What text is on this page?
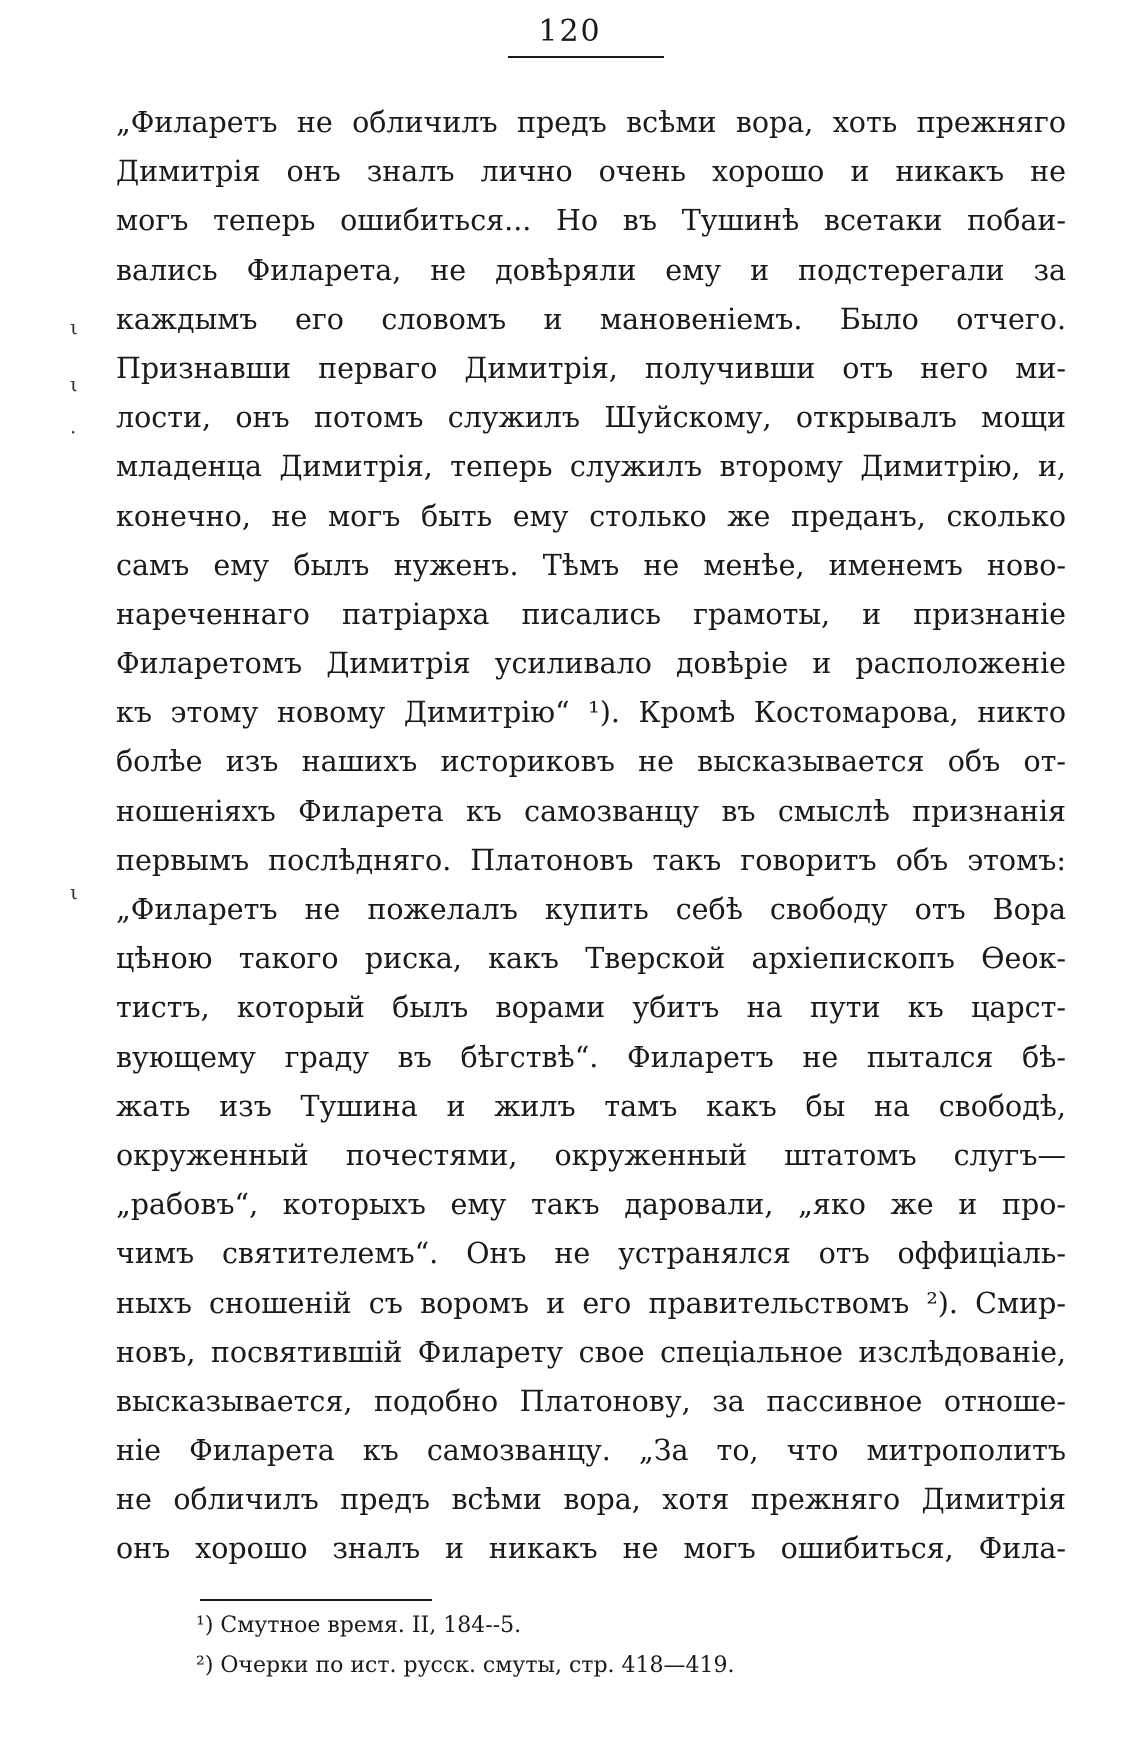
120
ι
ι
·
ι
„Филаретъ не обличилъ предъ всѣми вора, хоть прежняго
Димитрія онъ зналъ лично очень хорошо и никакъ не
могъ теперь ошибиться... Но въ Тушинѣ всетаки побаи-
вались Филарета, не довѣряли ему и подстерегали за
каждымъ его словомъ и мановеніемъ. Было отчего.
Признавши перваго Димитрія, получивши отъ него ми-
лости, онъ потомъ служилъ Шуйскому, открывалъ мощи
младенца Димитрія, теперь служилъ второму Димитрію, и,
конечно, не могъ быть ему столько же преданъ, сколько
самъ ему былъ нуженъ. Тѣмъ не менѣе, именемъ ново-
нареченнаго патріарха писались грамоты, и признаніе
Филаретомъ Димитрія усиливало довѣріе и расположеніе
къ этому новому Димитрію“ ¹). Кромѣ Костомарова, никто
болѣе изъ нашихъ историковъ не высказывается объ от-
ношеніяхъ Филарета къ самозванцу въ смыслѣ признанія
первымъ послѣдняго. Платоновъ такъ говоритъ объ этомъ:
„Филаретъ не пожелалъ купить себѣ свободу отъ Вора
цѣною такого риска, какъ Тверской архіепископъ Ѳеок-
тистъ, который былъ ворами убитъ на пути къ царст-
вующему граду въ бѣгствѣ“. Филаретъ не пытался бѣ-
жать изъ Тушина и жилъ тамъ какъ бы на свободѣ,
окруженный почестями, окруженный штатомъ слугъ—
„рабовъ“, которыхъ ему такъ даровали, „яко же и про-
чимъ святителемъ“. Онъ не устранялся отъ оффиціаль-
ныхъ сношеній съ воромъ и его правительствомъ ²). Смир-
новъ, посвятившій Филарету свое спеціальное изслѣдованіе,
высказывается, подобно Платонову, за пассивное отноше-
ніе Филарета къ самозванцу. „За то, что митрополитъ
не обличилъ предъ всѣми вора, хотя прежняго Димитрія
онъ хорошо зналъ и никакъ не могъ ошибиться, Фила-
¹) Смутное время. II, 184--5.
²) Очерки по ист. русск. смуты, стр. 418—419.
